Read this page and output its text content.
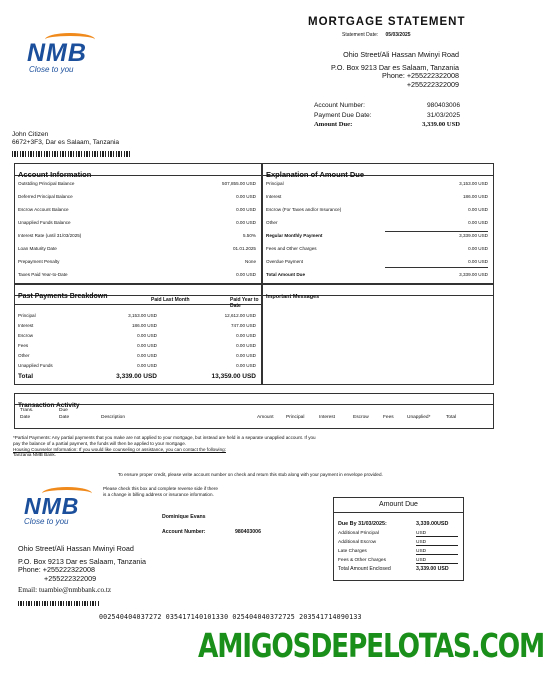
NMB
Close to you
MORTGAGE STATEMENT
Statement Date: 05/03/2025
Ohio Street/Ali Hassan Mwinyi Road
P.O. Box 9213 Dar es Salaam, Tanzania
Phone: +255222322008
+255222322009
Account Number:	980403006
Payment Due Date:	31/03/2025
Amount Due:	3,339.00 USD
John Citizen
6672+3F3, Dar es Salaam, Tanzania
Account Information
Outstding Principal Balance	507,855.00 USD
Deferred Principal Balance	0.00 USD
Escrow Account Balance	0.00 USD
Unapplied Funds Balance	0.00 USD
Interest Rate (until 31/03/2025)	5.50%
Loan Maturity Date	01.01.2025
Prepayment Penalty	None
Taxes Paid Year-to-Date	0.00 USD
Explanation of Amount Due
Principal	3,153.00 USD
Interest	186.00 USD
Escrow (For Taxes and/or Insurance)	0.00 USD
Other	0.00 USD
Regular Monthly Payment	3,339.00 USD
Fees and Other Charges	0.00 USD
Overdue Payment	0.00 USD
Total Amount Due	3,339.00 USD
Past Payments Breakdown	Paid Last Month	Paid Year to Date
Principal	3,153.00 USD	12,612.00 USD
Interest	186.00 USD	747.00 USD
Escrow	0.00 USD	0.00 USD
Fees	0.00 USD	0.00 USD
Other	0.00 USD	0.00 USD
Unapplied Funds	0.00 USD	0.00 USD
Total	3,339.00 USD	13,359.00 USD
Important Messages
Transaction Activity
Trans.
Date
Due
Date	Description	Amount	Principal	Interest	Escrow	Fees	Unapplied*	Total
*Partial Payments: Any partial payments that you make are not applied to your mortgage, but instead are held in a separate unapplied account. If you
pay the balance of a partial payment, the funds will then be applied to your mortgage.
Housing Counselor Information: If you would like counseling or assistance, you can contact the following:
Tanzania NMB Bank.
To ensure proper credit, please write account number on check and return this stub along with your payment in envelope provided.
NMB
Close to you
Please check this box and complete reverse side if there
is a change in billing address or insurance information.
Dominique Evans
Account Number:	980403006
Ohio Street/Ali Hassan Mwinyi Road
P.O. Box 9213 Dar es Salaam, Tanzania
Phone: +255222322008
+255222322009
Email: tuambie@nmbbank.co.tz
Amount Due
Due By 31/03/2025:	3,339.00USD
Additional Principal	USD
Additional Escrow	USD
Late Charges	USD
Fees & Other Charges	USD
Total Amount Enclosed	3,339.00 USD
002540404037272 035417140101330 025404040372725 203541714090133
AMIGOSDEPELOTAS.COM
